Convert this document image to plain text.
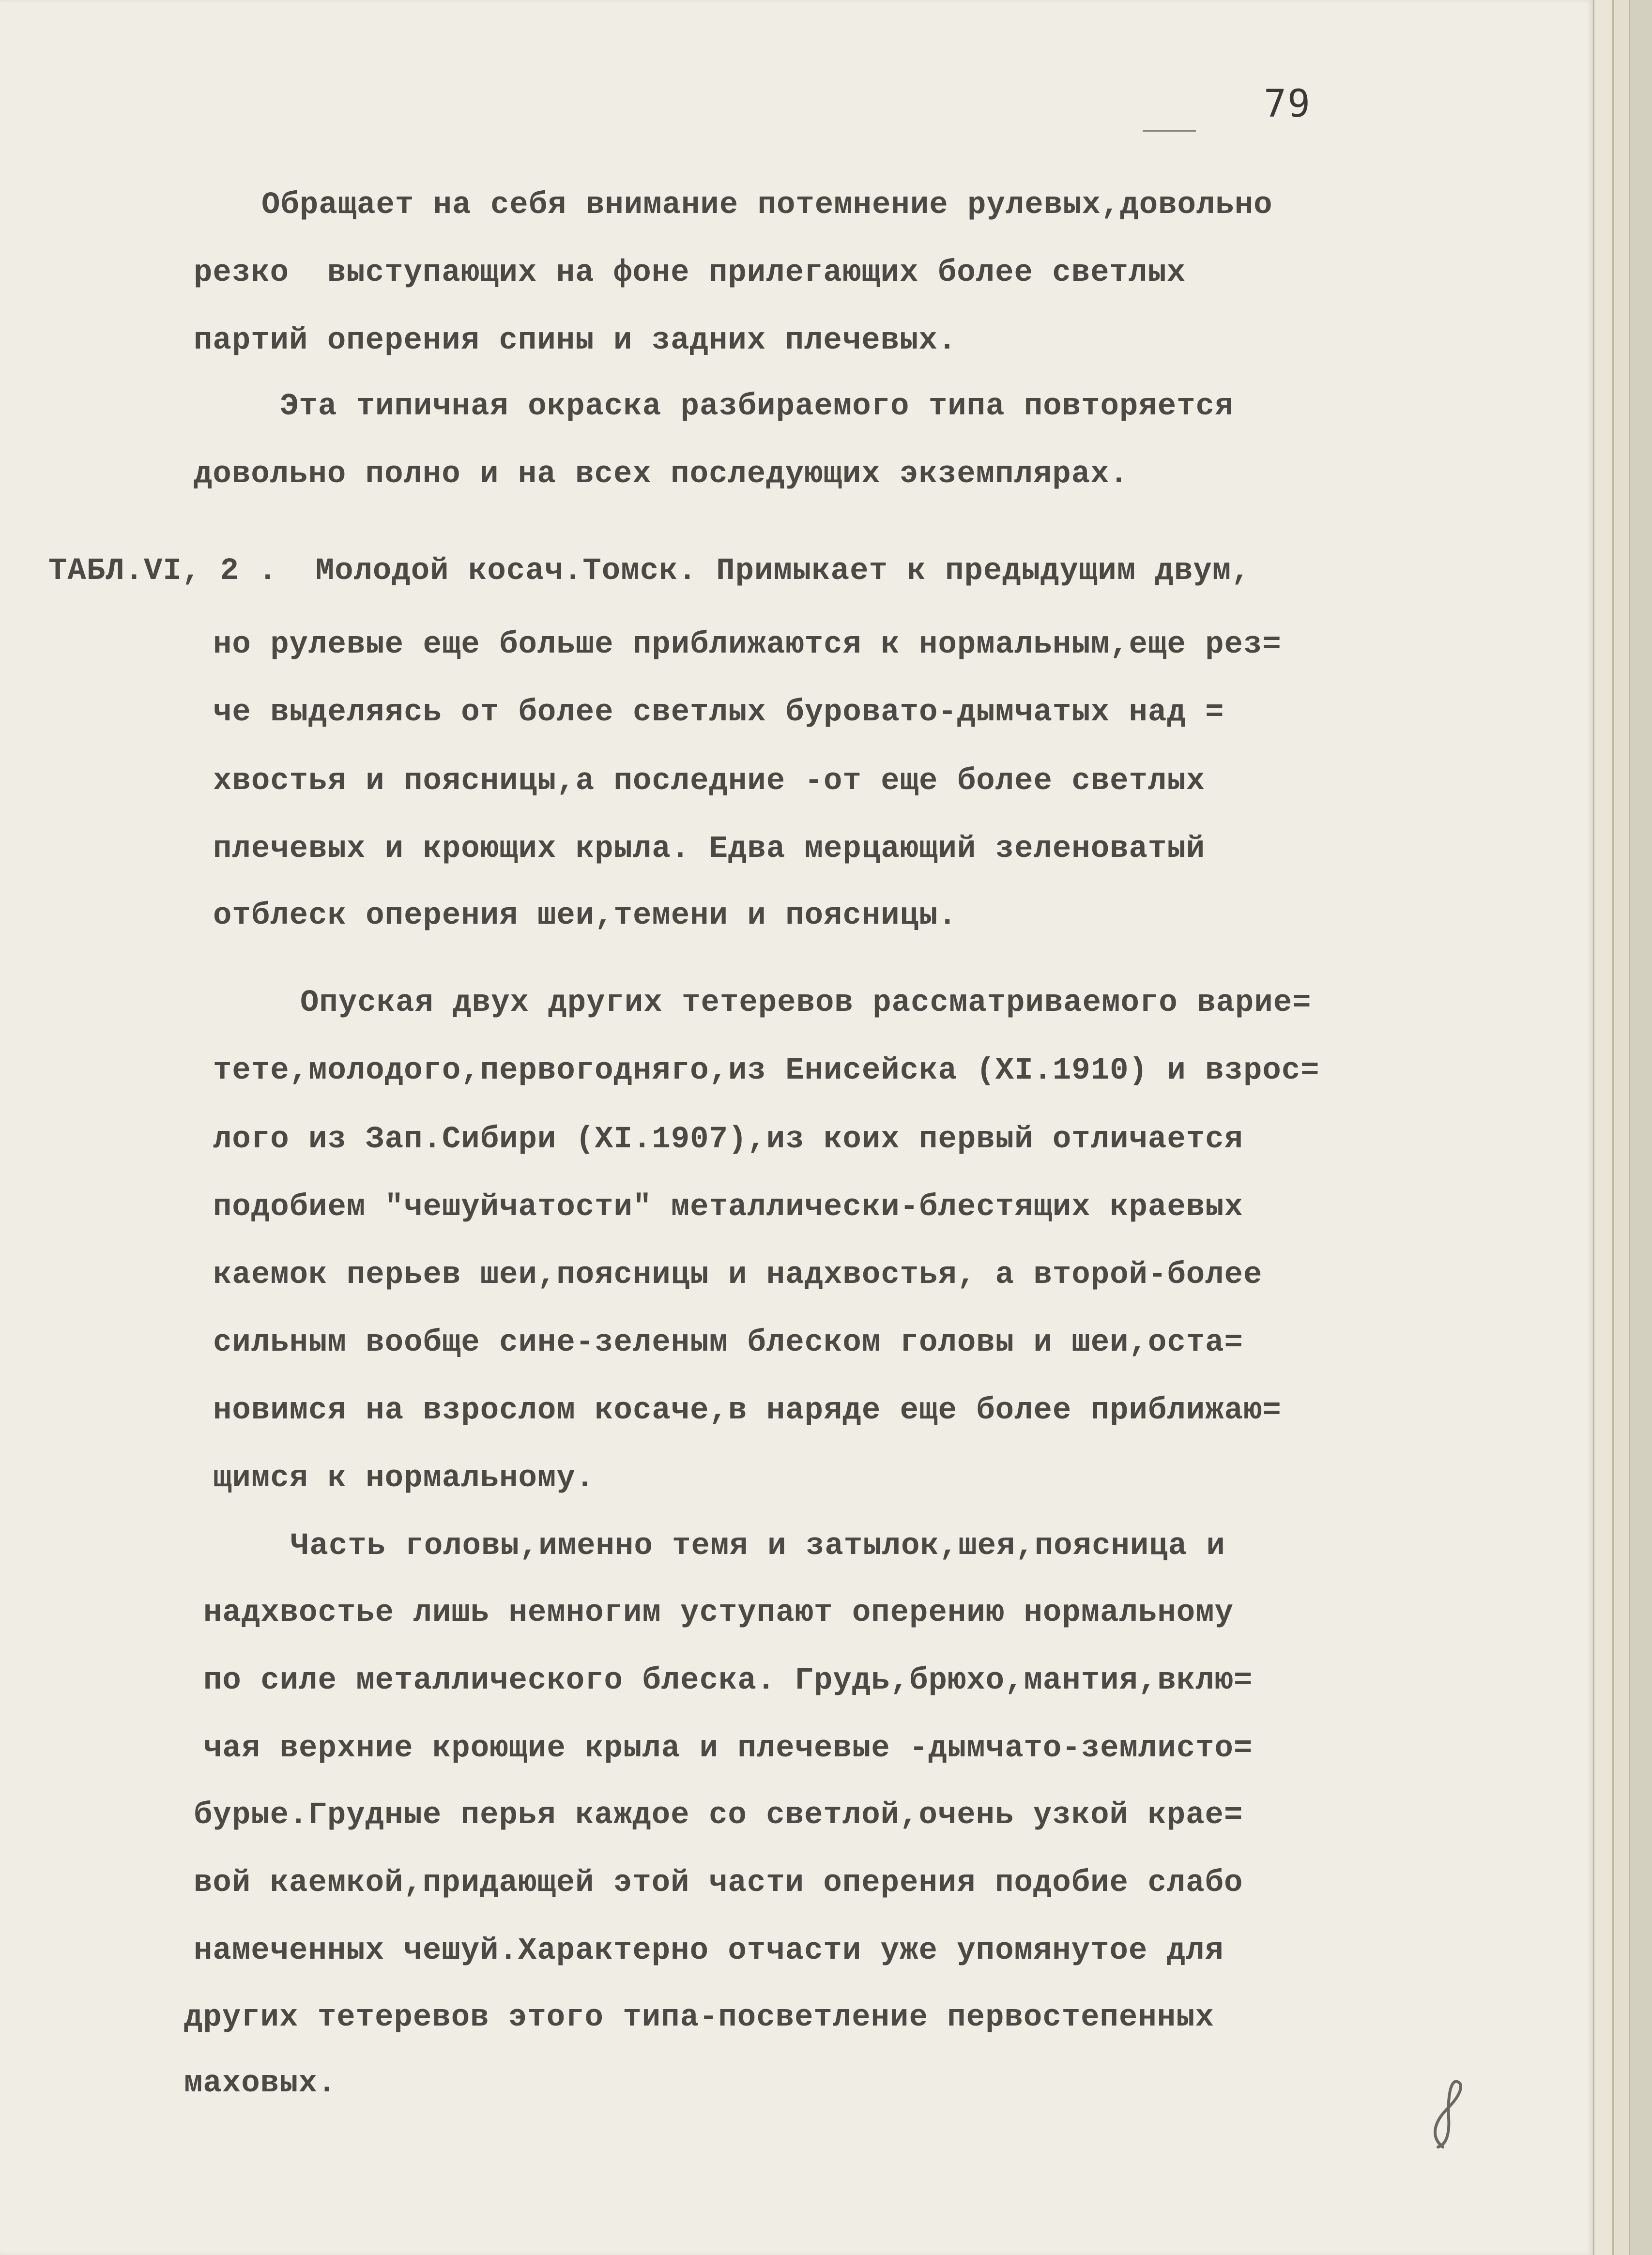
79
Обращает на себя внимание потемнение рулевых,довольно
резко  выступающих на фоне прилегающих более светлых
партий оперения спины и задних плечевых.
Эта типичная окраска разбираемого типа повторяется
довольно полно и на всех последующих экземплярах.
ТАБЛ.VI, 2 .  Молодой косач.Томск. Примыкает к предыдущим двум,
но рулевые еще больше приближаются к нормальным,еще рез=
че выделяясь от более светлых буровато-дымчатых над =
хвостья и поясницы,а последние -от еще более светлых
плечевых и кроющих крыла. Едва мерцающий зеленоватый
отблеск оперения шеи,темени и поясницы.
Опуская двух других тетеревов рассматриваемого варие=
тете,молодого,первогодняго,из Енисейска (XI.1910) и взрос=
лого из Зап.Сибири (XI.1907),из коих первый отличается
подобием "чешуйчатости" металлически-блестящих краевых
каемок перьев шеи,поясницы и надхвостья, а второй-более
сильным вообще сине-зеленым блеском головы и шеи,оста=
новимся на взрослом косаче,в наряде еще более приближаю=
щимся к нормальному.
Часть головы,именно темя и затылок,шея,поясница и
надхвостье лишь немногим уступают оперению нормальному
по силе металлического блеска. Грудь,брюхо,мантия,вклю=
чая верхние кроющие крыла и плечевые -дымчато-землисто=
бурые.Грудные перья каждое со светлой,очень узкой крае=
вой каемкой,придающей этой части оперения подобие слабо
намеченных чешуй.Характерно отчасти уже упомянутое для
других тетеревов этого типа-посветление первостепенных
маховых.
